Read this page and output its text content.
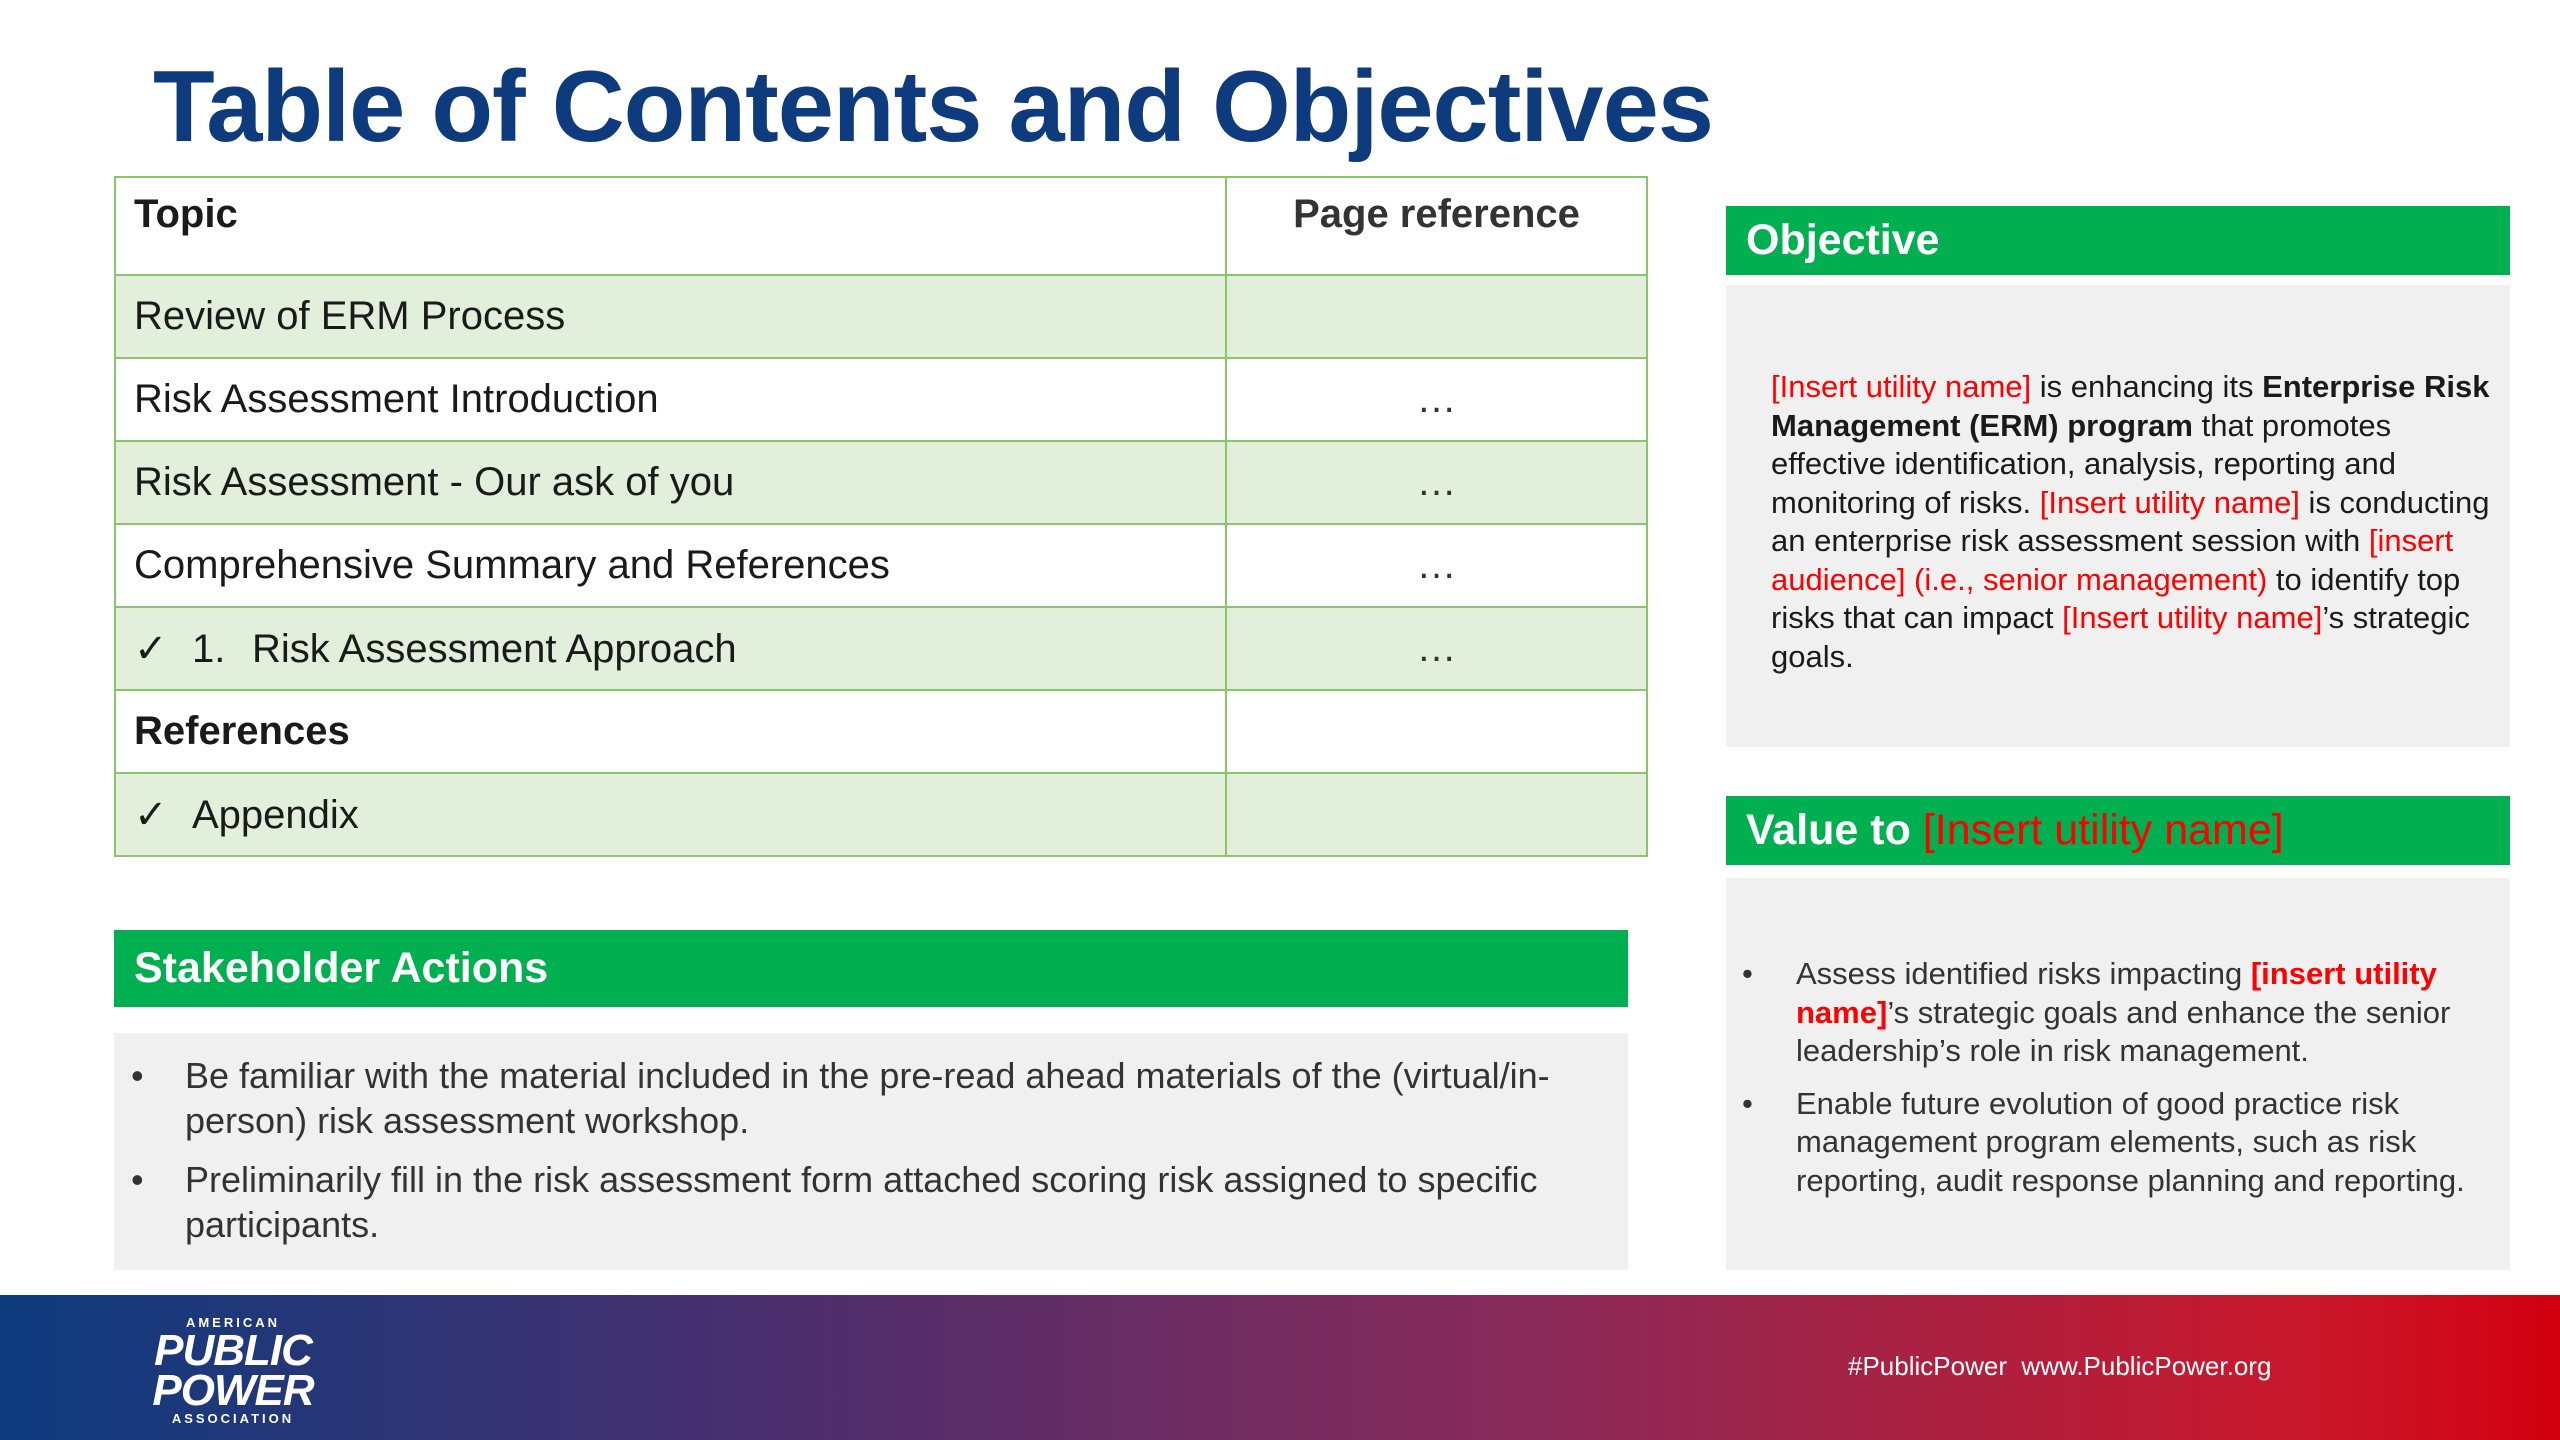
Table of Contents and Objectives
Topic	Page reference
Review of ERM Process	
Risk Assessment Introduction	…
Risk Assessment - Our ask of you	…
Comprehensive Summary and References	…
✓ 1. Risk Assessment Approach	…
References	
✓ Appendix	
Stakeholder Actions
• Be familiar with the material included in the pre-read ahead materials of the (virtual/in-person) risk assessment workshop.
• Preliminarily fill in the risk assessment form attached scoring risk assigned to specific participants.
Objective
[Insert utility name] is enhancing its Enterprise Risk Management (ERM) program that promotes effective identification, analysis, reporting and monitoring of risks. [Insert utility name] is conducting an enterprise risk assessment session with [insert audience] (i.e., senior management) to identify top risks that can impact [Insert utility name]’s strategic goals.
Value to [Insert utility name]
• Assess identified risks impacting [insert utility name]’s strategic goals and enhance the senior leadership’s role in risk management.
• Enable future evolution of good practice risk management program elements, such as risk reporting, audit response planning and reporting.
AMERICAN
PUBLIC
POWER
ASSOCIATION
#PublicPower  www.PublicPower.org
